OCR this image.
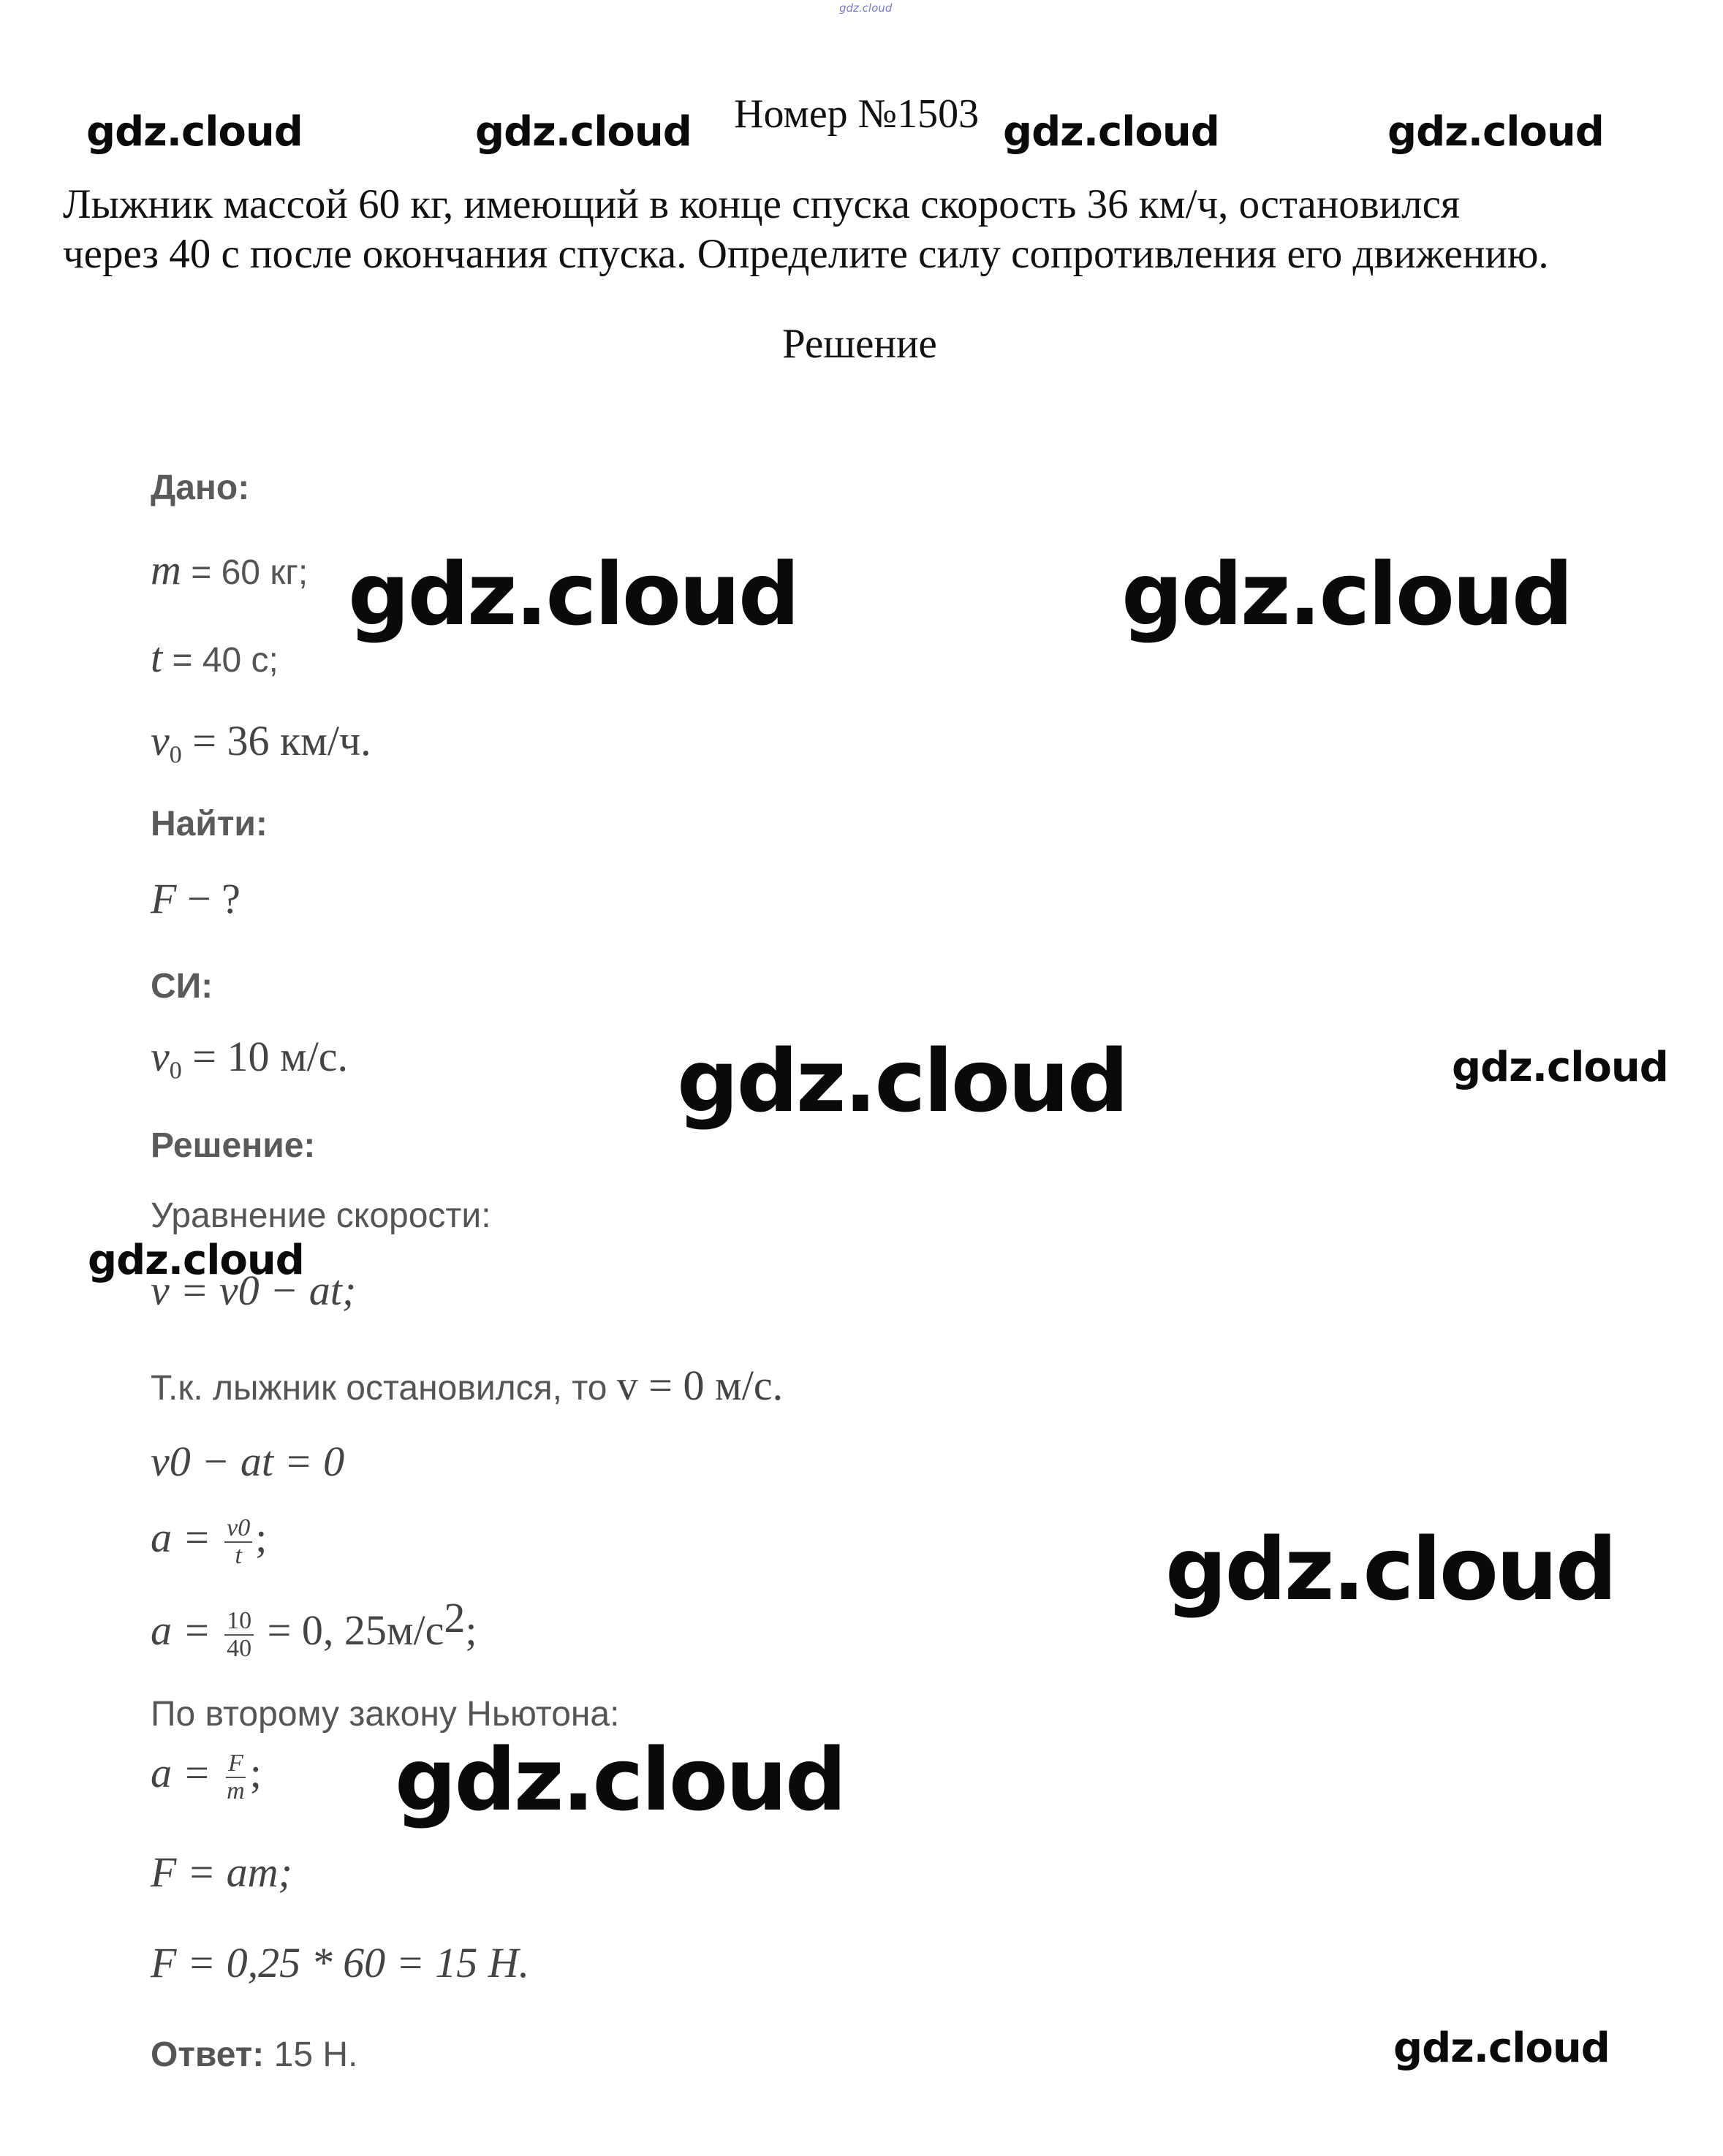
gdz.cloud
gdz.cloud	gdz.cloud	gdz.cloud	gdz.cloud
gdz.cloud	gdz.cloud
gdz.cloud	gdz.cloud
gdz.cloud
gdz.cloud
gdz.cloud
gdz.cloud
Номер №1503
Лыжник массой 60 кг, имеющий в конце спуска скорость 36 км/ч, остановился
через 40 с после окончания спуска. Определите силу сопротивления его движению.
Решение
Дано:
m = 60 кг;
t = 40 с;
$v_0 = 36$ км/ч.
Найти:
F − ?
СИ:
$v_0 = 10$ м/с.
Решение:
Уравнение скорости:
v = v0 − at;
Т.к. лыжник остановился, то v = 0 м/с.
v0 − at = 0
$a = \frac{v0}{t}$ ;
$a = \frac{10}{40} = 0$, $25м/с^2$;
По второму закону Ньютона:
$a = \frac{F}{m}$ ;
F = am;
F = 0,25 * 60 = 15 Н.
Ответ: 15 Н.
